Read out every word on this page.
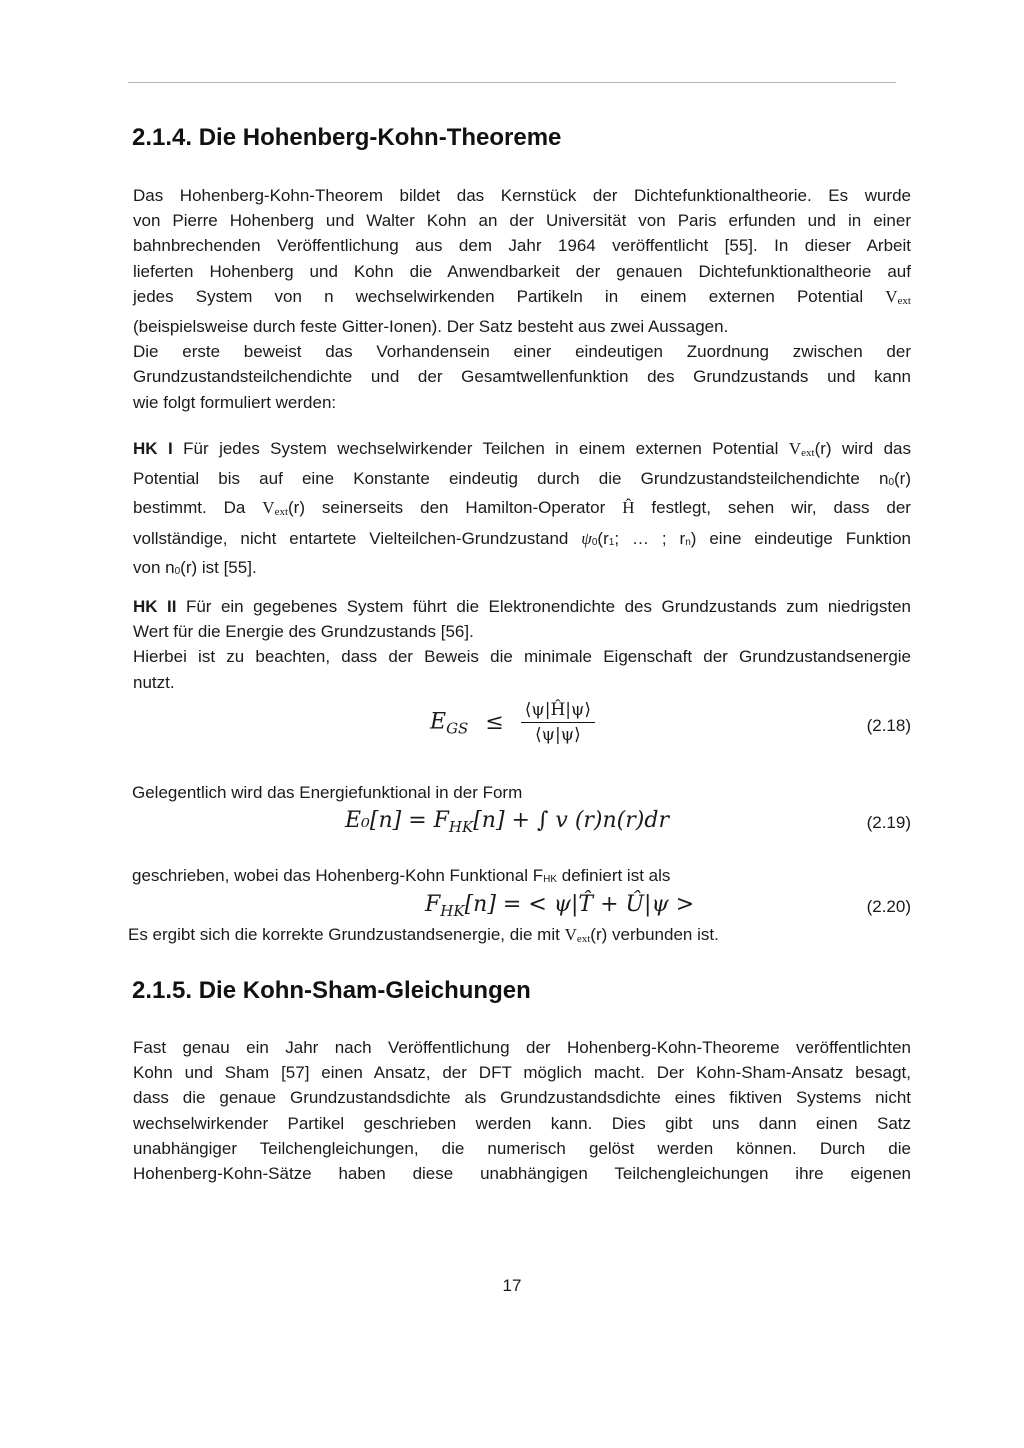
2.1.4. Die Hohenberg-Kohn-Theoreme
Das Hohenberg-Kohn-Theorem bildet das Kernstück der Dichtefunktionaltheorie. Es wurde
von Pierre Hohenberg und Walter Kohn an der Universität von Paris erfunden und in einer
bahnbrechenden Veröffentlichung aus dem Jahr 1964 veröffentlicht [55]. In dieser Arbeit
lieferten Hohenberg und Kohn die Anwendbarkeit der genauen Dichtefunktionaltheorie auf
jedes System von n wechselwirkenden Partikeln in einem externen Potential Vext
(beispielsweise durch feste Gitter-Ionen). Der Satz besteht aus zwei Aussagen.
Die erste beweist das Vorhandensein einer eindeutigen Zuordnung zwischen der
Grundzustandsteilchendichte und der Gesamtwellenfunktion des Grundzustands und kann
wie folgt formuliert werden:
HK I Für jedes System wechselwirkender Teilchen in einem externen Potential Vext(r) wird das
Potential bis auf eine Konstante eindeutig durch die Grundzustandsteilchendichte n0(r)
bestimmt. Da Vext(r) seinerseits den Hamilton-Operator Ĥ festlegt, sehen wir, dass der
vollständige, nicht entartete Vielteilchen-Grundzustand ψ0(r1; … ; rn) eine eindeutige Funktion
von n0(r) ist [55].
HK II Für ein gegebenes System führt die Elektronendichte des Grundzustands zum niedrigsten
Wert für die Energie des Grundzustands [56].
Hierbei ist zu beachten, dass der Beweis die minimale Eigenschaft der Grundzustandsenergie
nutzt.
$E_{GS} \le \frac{⟨\psi|Ĥ|\psi⟩}{⟨\psi|\psi⟩}$	(2.18)
Gelegentlich wird das Energiefunktional in der Form
$E_0[n] = F_{HK}[n]$ + ∫ v (r)n(r)dr	(2.19)
geschrieben, wobei das Hohenberg-Kohn Funktional FHK definiert ist als
$F_{HK}[n]$ = < ψ|T̂ + Û|ψ >	(2.20)
Es ergibt sich die korrekte Grundzustandsenergie, die mit Vext(r) verbunden ist.
2.1.5. Die Kohn-Sham-Gleichungen
Fast genau ein Jahr nach Veröffentlichung der Hohenberg-Kohn-Theoreme veröffentlichten
Kohn und Sham [57] einen Ansatz, der DFT möglich macht. Der Kohn-Sham-Ansatz besagt,
dass die genaue Grundzustandsdichte als Grundzustandsdichte eines fiktiven Systems nicht
wechselwirkender Partikel geschrieben werden kann. Dies gibt uns dann einen Satz
unabhängiger Teilchengleichungen, die numerisch gelöst werden können. Durch die
Hohenberg-Kohn-Sätze haben diese unabhängigen Teilchengleichungen ihre eigenen
17
